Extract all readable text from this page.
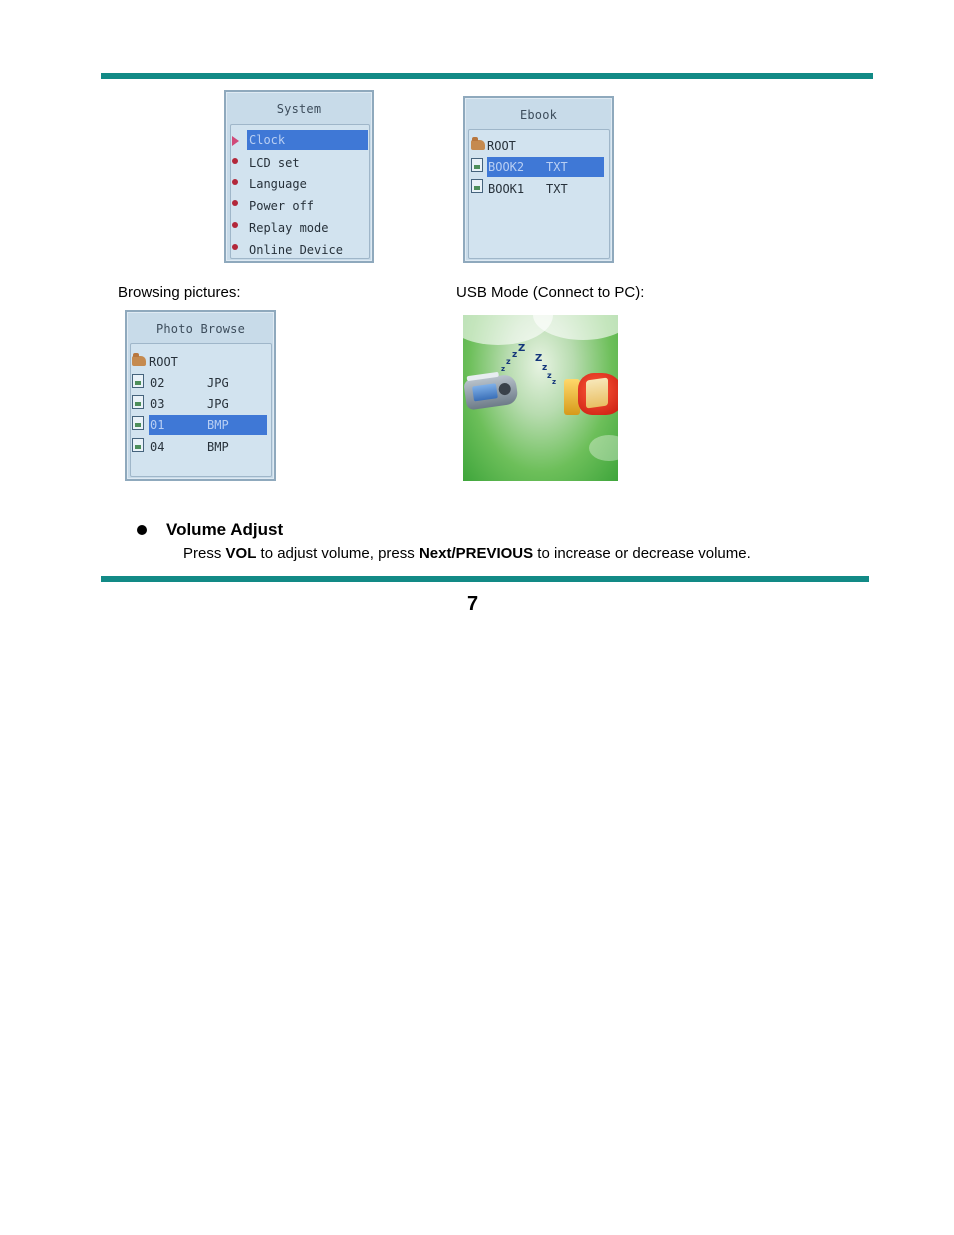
System
Clock
LCD set
Language
Power off
Replay mode
Online Device
Ebook
ROOT
BOOK2 TXT
BOOK1 TXT
Browsing pictures:	USB Mode (Connect to PC):
Photo Browse
ROOT
02	JPG
03	JPG
01	BMP
04	BMP
z
z
z
Z
Z
z
z
z
Volume Adjust
Press VOL to adjust volume, press Next/PREVIOUS to increase or decrease volume.
7
